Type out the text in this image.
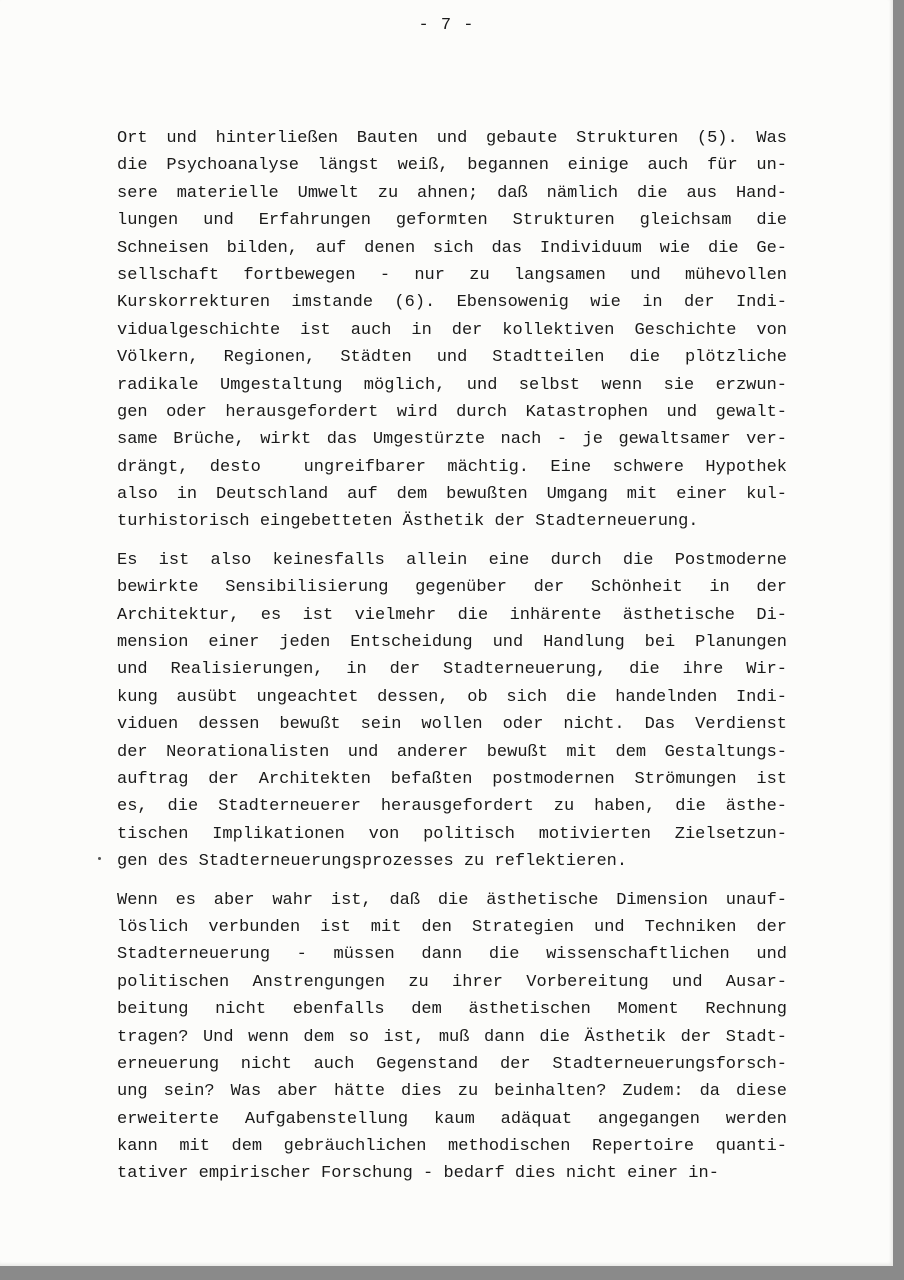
- 7 -
Ort und hinterließen Bauten und gebaute Strukturen (5). Was
die Psychoanalyse längst weiß, begannen einige auch für un-
sere materielle Umwelt zu ahnen; daß nämlich die aus Hand-
lungen und Erfahrungen geformten Strukturen gleichsam die
Schneisen bilden, auf denen sich das Individuum wie die Ge-
sellschaft fortbewegen - nur zu langsamen und mühevollen
Kurskorrekturen imstande (6). Ebensowenig wie in der Indi-
vidualgeschichte ist auch in der kollektiven Geschichte von
Völkern, Regionen, Städten und Stadtteilen die plötzliche
radikale Umgestaltung möglich, und selbst wenn sie erzwun-
gen oder herausgefordert wird durch Katastrophen und gewalt-
same Brüche, wirkt das Umgestürzte nach - je gewaltsamer ver-
drängt, desto  ungreifbarer mächtig. Eine schwere Hypothek
also in Deutschland auf dem bewußten Umgang mit einer kul-
turhistorisch eingebetteten Ästhetik der Stadterneuerung.
Es ist also keinesfalls allein eine durch die Postmoderne
bewirkte Sensibilisierung gegenüber der Schönheit in der
Architektur, es ist vielmehr die inhärente ästhetische Di-
mension einer jeden Entscheidung und Handlung bei Planungen
und Realisierungen, in der Stadterneuerung, die ihre Wir-
kung ausübt ungeachtet dessen, ob sich die handelnden Indi-
viduen dessen bewußt sein wollen oder nicht. Das Verdienst
der Neorationalisten und anderer bewußt mit dem Gestaltungs-
auftrag der Architekten befaßten postmodernen Strömungen ist
es, die Stadterneuerer herausgefordert zu haben, die ästhe-
tischen Implikationen von politisch motivierten Zielsetzun-
gen des Stadterneuerungsprozesses zu reflektieren.
Wenn es aber wahr ist, daß die ästhetische Dimension unauf-
löslich verbunden ist mit den Strategien und Techniken der
Stadterneuerung - müssen dann die wissenschaftlichen und
politischen Anstrengungen zu ihrer Vorbereitung und Ausar-
beitung nicht ebenfalls dem ästhetischen Moment Rechnung
tragen? Und wenn dem so ist, muß dann die Ästhetik der Stadt-
erneuerung nicht auch Gegenstand der Stadterneuerungsforsch-
ung sein? Was aber hätte dies zu beinhalten? Zudem: da diese
erweiterte Aufgabenstellung kaum adäquat angegangen werden
kann mit dem gebräuchlichen methodischen Repertoire quanti-
tativer empirischer Forschung - bedarf dies nicht einer in-
